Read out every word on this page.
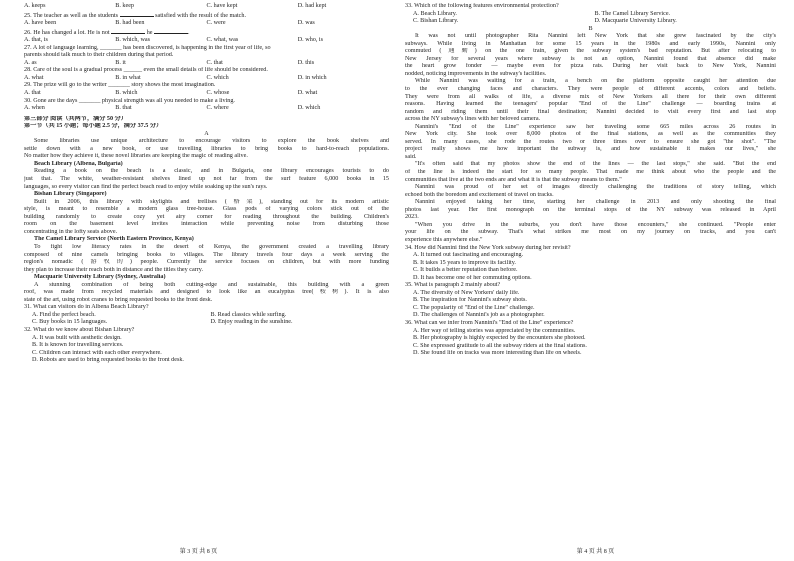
A. keeps	B. keep	C. have kept	D. had kept
25. The teacher as well as the students	satisfied with the result of the match.
A. have been	B. had been	C. were	D. was
26. He has changed a lot. He is not	he	.
A. that, is	B. which, was	C. what, was	D. who, is
27. A lot of language learning, _______ has been discovered, is happening in the first year of life, so
parents should talk much to their children during that period.
A. as	B. it	C. that	D. this
28. Care of the soul is a gradual process ______ even the small details of life should be considered.
A. what	B. in what	C. which	D. in which
29. The prize will go to the writer _______ story shows the most imagination.
A. that	B. which	C. whose	D. what
30. Gone are the days _______ physical strength was all you needed to make a living.
A. when	B. that	C. where	D. which
第三部分 阅读（共两节，满分 50 分）
第一节（共 15 小题；每小题 2.5 分，满分 37.5 分）
A
Some libraries use unique architecture to encourage visitors to explore the book shelves and
settle down with a new book, or use travelling libraries to bring books to hard-to-reach populations.
No matter how they achieve it, these novel libraries are keeping the magic of reading alive.
Beach Library (Albena, Bulgaria)
Reading a book on the beach is a classic, and in Bulgaria, one library encourages tourists to do
just that. The white, weather-resistant shelves lined up not far from the surf feature 6,000 books in 15
languages, so every visitor can find the perfect beach read to enjoy while soaking up the sun's rays.
Bishan Library (Singapore)
Built in 2006, this library with skylights and trellises (格架), standing out for its modern artistic
style, is meant to resemble a modern glass tree-house. Glass pods of varying colors stick out of the
building randomly to create cozy yet airy corner for reading throughout the building. Children's
room on the basement level invites interaction while preventing noise from disturbing those
concentrating in the lofty seats above.
The Camel Library Service (North Eastern Province, Kenya)
To fight low literacy rates in the desert of Kenya, the government created a travelling library
composed of nine camels bringing books to villages. The library travels four days a week serving the
region's nomadic (游牧的) people. Currently the service focuses on children, but with more funding
they plan to increase their reach both in distance and the titles they carry.
Macquarie University Library (Sydney, Australia)
A stunning combination of being both cutting-edge and sustainable, this building with a green
roof, was made from recycled materials and designed to look like an eucalyptus tree(桉树). It is also
state of the art, using robot cranes to bring requested books to the front desk.
31. What can visitors do in Albena Beach Library?
A. Find the perfect beach.	B. Read classics while surfing.
C. Buy books in 15 languages.	D. Enjoy reading in the sunshine.
32. What do we know about Bishan Library?
A. It was built with aesthetic design.
B. It is known for travelling services.
C. Children can interact with each other everywhere.
D. Robots are used to bring requested books to the front desk.
第 3 页 共 8 页
33. Which of the following features environmental protection?
A. Beach Library.	B. The Camel Library Service.
C. Bishan Library.	D. Macquarie University Library.
B
It was not until photographer Rita Nannini left New York that she grew fascinated by the city's
subways. While living in Manhattan for some 15 years in the 1980s and early 1990s, Nannini only
commuted (通勤) on the one train, given the subway system's bad reputation. But after relocating to
New Jersey for several years where subway is not an option, Nannini found that absence did make
the heart grow fonder — maybe even for pizza rats. During her visit back to New York, Nannini
nodded, noticing improvements in the subway's facilities.
While Nannini was waiting for a train, a bench on the platform opposite caught her attention due
to the ever changing faces and characters. They were people of different accents, colors and beliefs.
They were from all walks of life, a diverse mix of New Yorkers all there for their own different
reasons. Having learned the teenagers' popular "End of the Line" challenge — boarding trains at
random and riding them until their final destination; Nannini decided to visit every first and last stop
across the NY subway's lines with her beloved camera.
Nannini's "End of the Line" experience saw her traveling some 665 miles across 26 routes in
New York city. She took over 8,000 photos of the final stations, as well as the communities they
served. In many cases, she rode the routes two or three times over to ensure she got "the shot". "The
project really shows me how important the subway is, and how sustainable it makes our lives," she
said.
"It's often said that my photos show the end of the lines — the last stops," she said. "But the end
of the line is indeed the start for so many people. That made me think about who the people and the
communities that live at the two ends are and what it is that the subway means to them."
Nannini was proud of her set of images directly challenging the traditions of story telling, which
echoed both the boredom and excitement of travel on tracks.
Nannini enjoyed taking her time, starting her challenge in 2013 and only shooting the final
photos last year. Her first monograph on the terminal stops of the NY subway was released in April
2023.
"When you drive in the suburbs, you don't have those encounters," she continued. "People enter
your life on the subway. That's what strikes me most on my journey on tracks, and you can't
experience this anywhere else."
34. How did Nannini find the New York subway during her revisit?
A. It turned out fascinating and encouraging.
B. It takes 15 years to improve its facility.
C. It builds a better reputation than before.
D. It has become one of her commuting options.
35. What is paragraph 2 mainly about?
A. The diversity of New Yorkers' daily life.
B. The inspiration for Nannini's subway shots.
C. The popularity of "End of the Line" challenge.
D. The challenges of Nannini's job as a photographer.
36. What can we infer from Nannini's "End of the Line" experience?
A. Her way of telling stories was appreciated by the communities.
B. Her photography is highly expected by the encounters she photoed.
C. She expressed gratitude to all the subway riders at the final stations.
D. She found life on tracks was more interesting than life on wheels.
第 4 页 共 8 页
